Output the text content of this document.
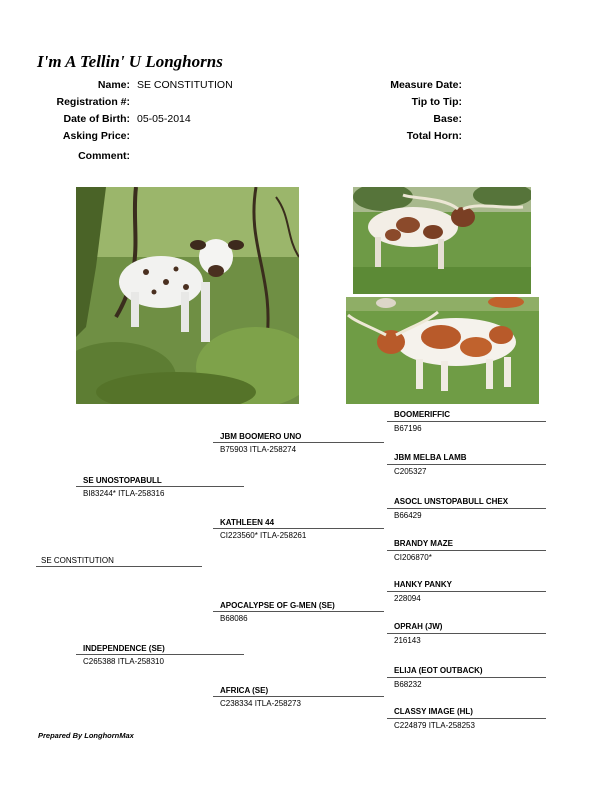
I'm A Tellin' U Longhorns
Name: SE CONSTITUTION
Registration #:
Date of Birth: 05-05-2014
Asking Price:
Comment:
Measure Date:
Tip to Tip:
Base:
Total Horn:
BOOMERIFFIC
B67196
JBM MELBA LAMB
C205327
ASOCL UNSTOPABULL CHEX
B66429
BRANDY MAZE
CI206870*
HANKY PANKY
228094
OPRAH (JW)
216143
ELIJA (EOT OUTBACK)
B68232
CLASSY IMAGE (HL)
C224879 ITLA-258253
JBM BOOMERO UNO
B75903 ITLA-258274
KATHLEEN 44
CI223560* ITLA-258261
APOCALYPSE OF G-MEN (SE)
B68086
AFRICA (SE)
C238334 ITLA-258273
SE UNOSTOPABULL
BI83244* ITLA-258316
INDEPENDENCE (SE)
C265388 ITLA-258310
SE CONSTITUTION
Prepared By LonghornMax
